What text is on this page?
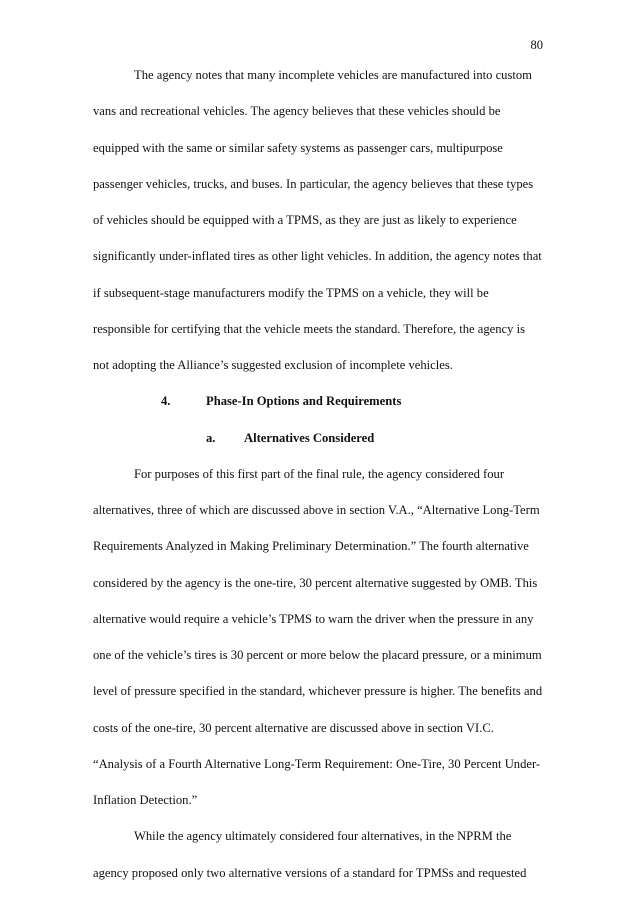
80
The agency notes that many incomplete vehicles are manufactured into custom
vans and recreational vehicles. The agency believes that these vehicles should be
equipped with the same or similar safety systems as passenger cars, multipurpose
passenger vehicles, trucks, and buses. In particular, the agency believes that these types
of vehicles should be equipped with a TPMS, as they are just as likely to experience
significantly under-inflated tires as other light vehicles. In addition, the agency notes that
if subsequent-stage manufacturers modify the TPMS on a vehicle, they will be
responsible for certifying that the vehicle meets the standard. Therefore, the agency is
not adopting the Alliance’s suggested exclusion of incomplete vehicles.
4.	Phase-In Options and Requirements
a. Alternatives Considered
For purposes of this first part of the final rule, the agency considered four
alternatives, three of which are discussed above in section V.A., “Alternative Long-Term
Requirements Analyzed in Making Preliminary Determination.” The fourth alternative
considered by the agency is the one-tire, 30 percent alternative suggested by OMB. This
alternative would require a vehicle’s TPMS to warn the driver when the pressure in any
one of the vehicle’s tires is 30 percent or more below the placard pressure, or a minimum
level of pressure specified in the standard, whichever pressure is higher. The benefits and
costs of the one-tire, 30 percent alternative are discussed above in section VI.C.
“Analysis of a Fourth Alternative Long-Term Requirement: One-Tire, 30 Percent Under-
Inflation Detection.”
While the agency ultimately considered four alternatives, in the NPRM the
agency proposed only two alternative versions of a standard for TPMSs and requested
